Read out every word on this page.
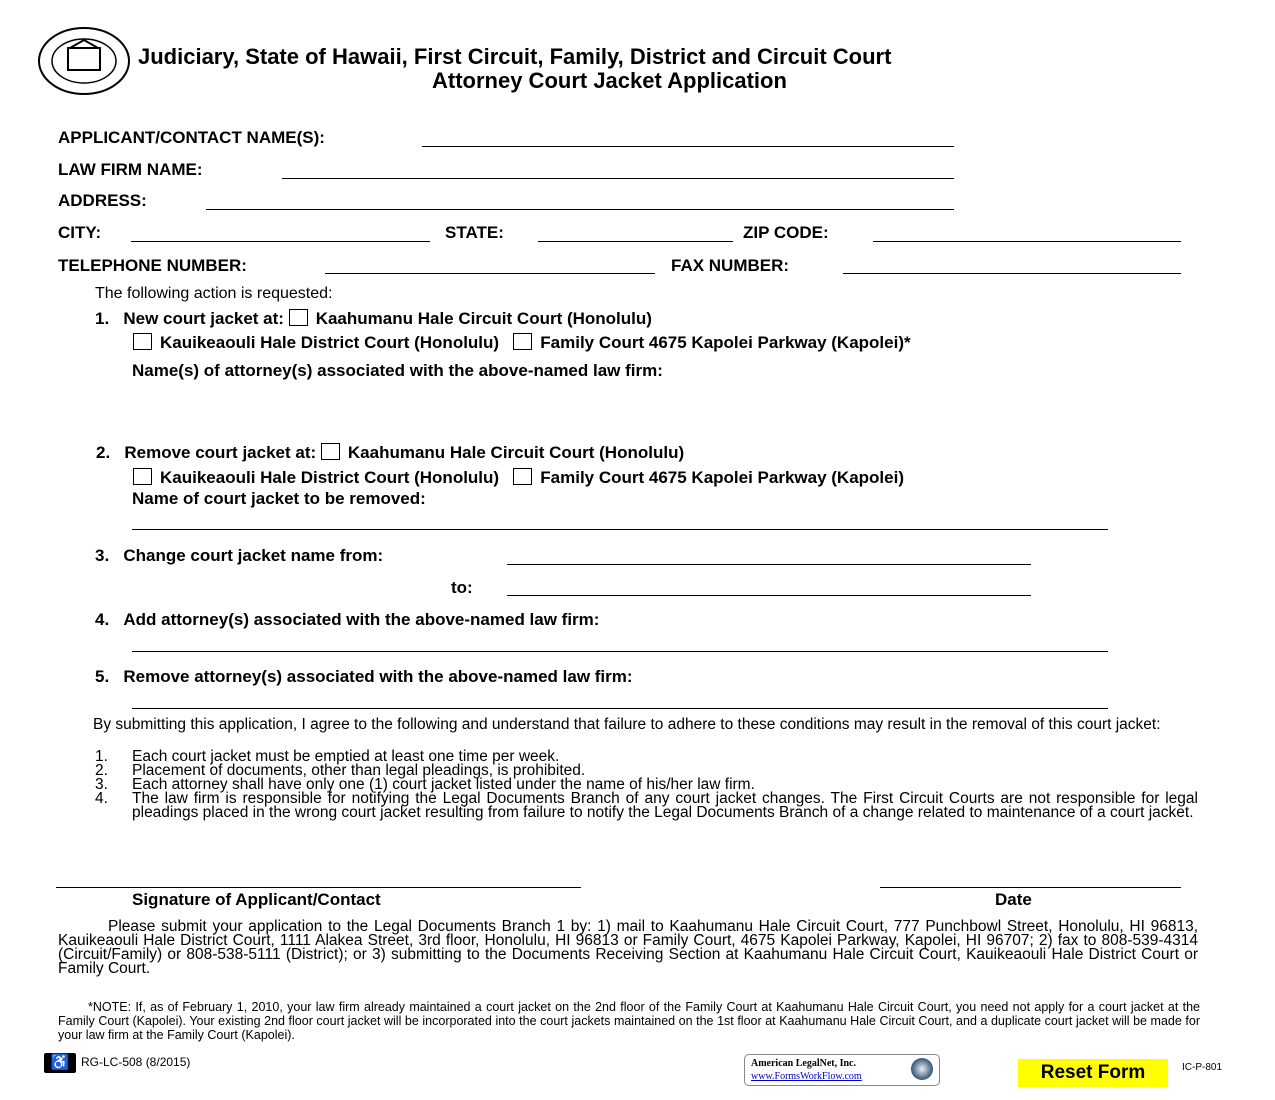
Judiciary, State of Hawaii, First Circuit, Family, District and Circuit Court
Attorney Court Jacket Application
APPLICANT/CONTACT NAME(S):
LAW FIRM NAME:
ADDRESS:
CITY:	STATE:	ZIP CODE:
TELEPHONE NUMBER:	FAX NUMBER:
The following action is requested:
1. New court jacket at: Kaahumanu Hale Circuit Court (Honolulu)
Kauikeaouli Hale District Court (Honolulu) Family Court 4675 Kapolei Parkway (Kapolei)*
Name(s) of attorney(s) associated with the above-named law firm:
2. Remove court jacket at: Kaahumanu Hale Circuit Court (Honolulu)
Kauikeaouli Hale District Court (Honolulu) Family Court 4675 Kapolei Parkway (Kapolei)
Name of court jacket to be removed:
3. Change court jacket name from:
to:
4. Add attorney(s) associated with the above-named law firm:
5. Remove attorney(s) associated with the above-named law firm:
By submitting this application, I agree to the following and understand that failure to adhere to these conditions may result in the removal of this court jacket:
1.	Each court jacket must be emptied at least one time per week.
2.	Placement of documents, other than legal pleadings, is prohibited.
3.	Each attorney shall have only one (1) court jacket listed under the name of his/her law firm.
4.	The law firm is responsible for notifying the Legal Documents Branch of any court jacket changes. The First Circuit Courts are not responsible for legal pleadings placed in the wrong court jacket resulting from failure to notify the Legal Documents Branch of a change related to maintenance of a court jacket.
Signature of Applicant/Contact	Date
Please submit your application to the Legal Documents Branch 1 by: 1) mail to Kaahumanu Hale Circuit Court, 777 Punchbowl Street, Honolulu, HI 96813, Kauikeaouli Hale District Court, 1111 Alakea Street, 3rd floor, Honolulu, HI 96813 or Family Court, 4675 Kapolei Parkway, Kapolei, HI 96707; 2) fax to 808-539-4314 (Circuit/Family) or 808-538-5111 (District); or 3) submitting to the Documents Receiving Section at Kaahumanu Hale Circuit Court, Kauikeaouli Hale District Court or Family Court.
*NOTE: If, as of February 1, 2010, your law firm already maintained a court jacket on the 2nd floor of the Family Court at Kaahumanu Hale Circuit Court, you need not apply for a court jacket at the Family Court (Kapolei). Your existing 2nd floor court jacket will be incorporated into the court jackets maintained on the 1st floor at Kaahumanu Hale Circuit Court, and a duplicate court jacket will be made for your law firm at the Family Court (Kapolei).
♿ RG-LC-508 (8/2015)	American LegalNet, Inc.
www.FormsWorkFlow.com	Reset Form	IC-P-801
